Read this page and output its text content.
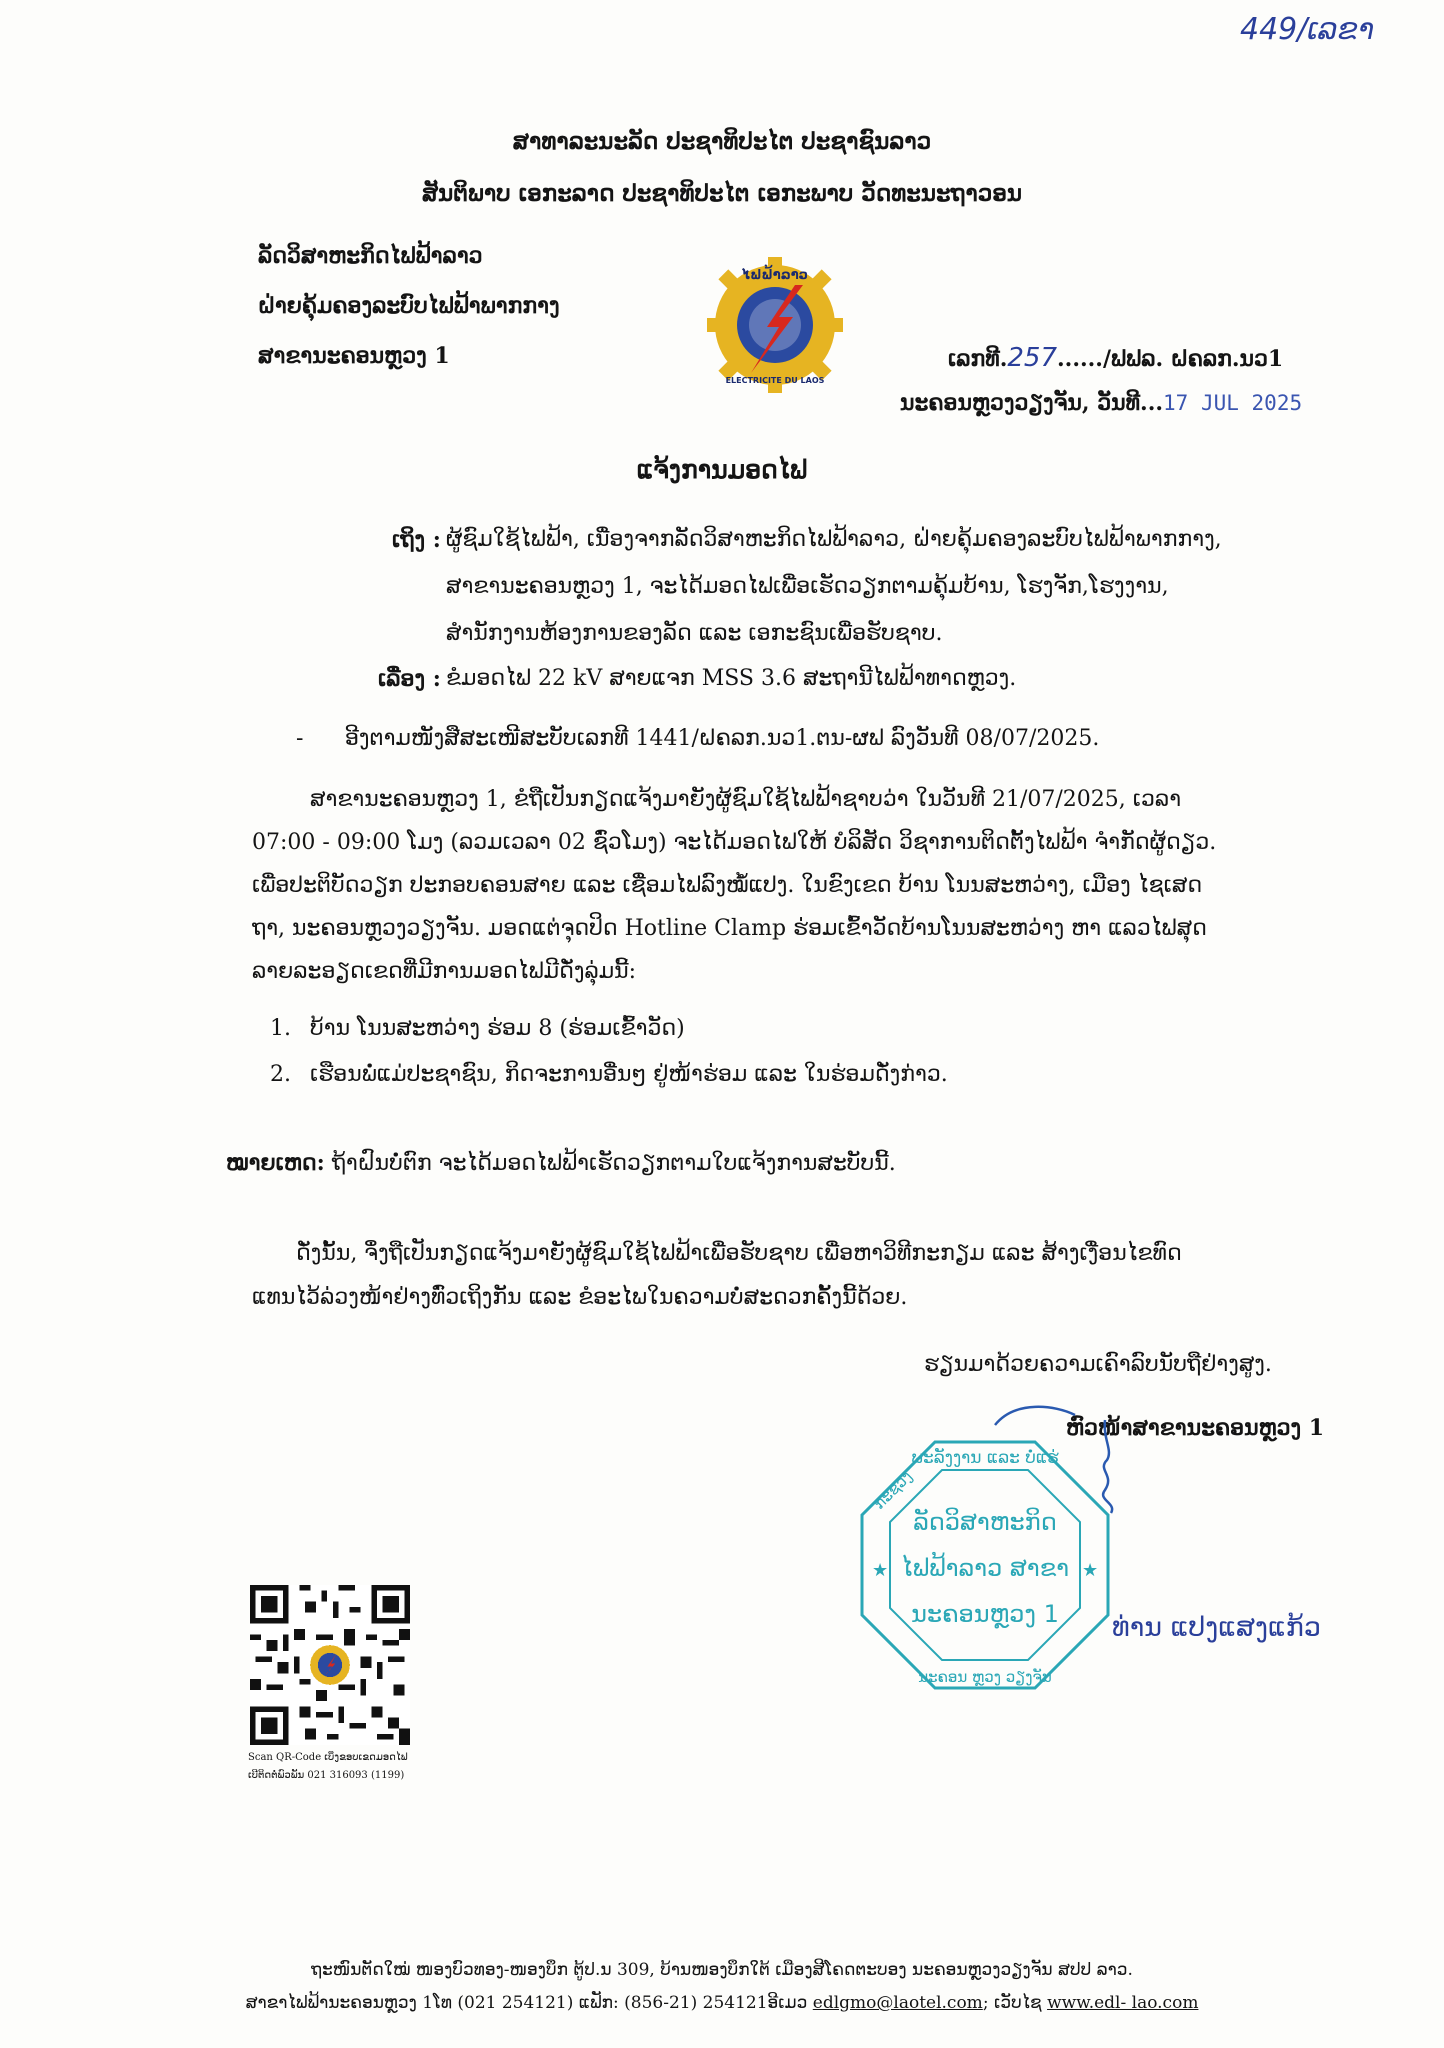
449/ເລຂາ
ສາທາລະນະລັດ ປະຊາທິປະໄຕ ປະຊາຊົນລາວ
ສັນຕິພາບ ເອກະລາດ ປະຊາທິປະໄຕ ເອກະພາບ ວັດທະນະຖາວອນ
ລັດວິສາຫະກິດໄຟຟ້າລາວ
ຝ່າຍຄຸ້ມຄອງລະບົບໄຟຟ້າພາກກາງ
ສາຂານະຄອນຫຼວງ 1
ໄຟຟ້າລາວ
ELECTRICITE DU LAOS
ເລກທີ.257....../ຟຟລ. ຝຄລກ.ນວ1
ນະຄອນຫຼວງວຽງຈັນ, ວັນທີ...17 JUL 2025
ແຈ້ງການມອດໄຟ
ເຖິງ : ຜູ້ຊົມໃຊ້ໄຟຟ້າ, ເນື່ອງຈາກລັດວິສາຫະກິດໄຟຟ້າລາວ, ຝ່າຍຄຸ້ມຄອງລະບົບໄຟຟ້າພາກກາງ,
ສາຂານະຄອນຫຼວງ 1, ຈະໄດ້ມອດໄຟເພື່ອເຮັດວຽກຕາມຄຸ້ມບ້ານ, ໂຮງຈັກ,ໂຮງງານ,
ສຳນັກງານຫ້ອງການຂອງລັດ ແລະ ເອກະຊົນເພື່ອຮັບຊາບ.
ເລື່ອງ : ຂໍມອດໄຟ 22 kV ສາຍແຈກ MSS 3.6 ສະຖານີໄຟຟ້າທາດຫຼວງ.
- ອີງຕາມໜັງສືສະເໜີສະບັບເລກທີ 1441/ຝຄລກ.ນວ1.ຕນ-ຜຟ ລົງວັນທີ 08/07/2025.
ສາຂານະຄອນຫຼວງ 1, ຂໍຖືເປັນກຽດແຈ້ງມາຍັງຜູ້ຊົມໃຊ້ໄຟຟ້າຊາບວ່າ ໃນວັນທີ 21/07/2025, ເວລາ
07:00 - 09:00 ໂມງ (ລວມເວລາ 02 ຊົ່ວໂມງ) ຈະໄດ້ມອດໄຟໃຫ້ ບໍລິສັດ ວິຊາການຕິດຕັ້ງໄຟຟ້າ ຈຳກັດຜູ້ດຽວ.
ເພື່ອປະຕິບັດວຽກ ປະກອບຄອນສາຍ ແລະ ເຊື່ອມໄຟລົງໝໍ້ແປງ. ໃນຂົງເຂດ ບ້ານ ໂນນສະຫວ່າງ, ເມືອງ ໄຊເສດ
ຖາ, ນະຄອນຫຼວງວຽງຈັນ. ມອດແຕ່ຈຸດປິດ Hotline Clamp ຮ່ອມເຂົ້າວັດບ້ານໂນນສະຫວ່າງ ຫາ ແລວໄຟສຸດ
ລາຍລະອຽດເຂດທີ່ມີການມອດໄຟມີດັ່ງລຸ່ມນີ້:
1. ບ້ານ ໂນນສະຫວ່າງ ຮ່ອມ 8 (ຮ່ອມເຂົ້າວັດ)
2. ເຮືອນພໍ່ແມ່ປະຊາຊົນ, ກິດຈະການອື່ນໆ ຢູ່ໜ້າຮ່ອມ ແລະ ໃນຮ່ອມດັ່ງກ່າວ.
ໝາຍເຫດ: ຖ້າຝົນບໍ່ຕົກ ຈະໄດ້ມອດໄຟຟ້າເຮັດວຽກຕາມໃບແຈ້ງການສະບັບນີ້.
ດັ່ງນັ້ນ, ຈຶ່ງຖືເປັນກຽດແຈ້ງມາຍັງຜູ້ຊົມໃຊ້ໄຟຟ້າເພື່ອຮັບຊາບ ເພື່ອຫາວິທີກະກຽມ ແລະ ສ້າງເງື່ອນໄຂທົດ
ແທນໄວ້ລ່ວງໜ້າຢ່າງທົ່ວເຖິງກັນ ແລະ ຂໍອະໄພໃນຄວາມບໍ່ສະດວກຄັ້ງນີ້ດ້ວຍ.
ຮຽນມາດ້ວຍຄວາມເຄົາລົບນັບຖືຢ່າງສູງ.
ຫົວໜ້າສາຂານະຄອນຫຼວງ 1
ພະລັງງານ ແລະ ບໍ່ແຮ່
ກະຊວງ
ນະຄອນ ຫຼວງ ວຽງຈັນ
★	★
ລັດວິສາຫະກິດ
ໄຟຟ້າລາວ ສາຂາ
ນະຄອນຫຼວງ 1 ທ່ານ ແປງແສງແກ້ວ
Scan QR-Code ເບິ່ງຂອບເຂດມອດໄຟ
ເບີຕິດຕໍ່ພົວພັນ 021 316093 (1199)
ຖະໜົນຕັດໃໝ່ ໜອງບົວທອງ-ໜອງບຶກ ຕູ້ປ.ນ 309, ບ້ານໜອງບຶກໃຕ້ ເມືອງສີໂຄດຕະບອງ ນະຄອນຫຼວງວຽງຈັນ ສປປ ລາວ.
ສາຂາໄຟຟ້ານະຄອນຫຼວງ 1ໂທ (021 254121) ແຟັກ: (856-21) 254121ອີເມວ edlgmo@laotel.com; ເວັບໄຊ www.edl- lao.com
